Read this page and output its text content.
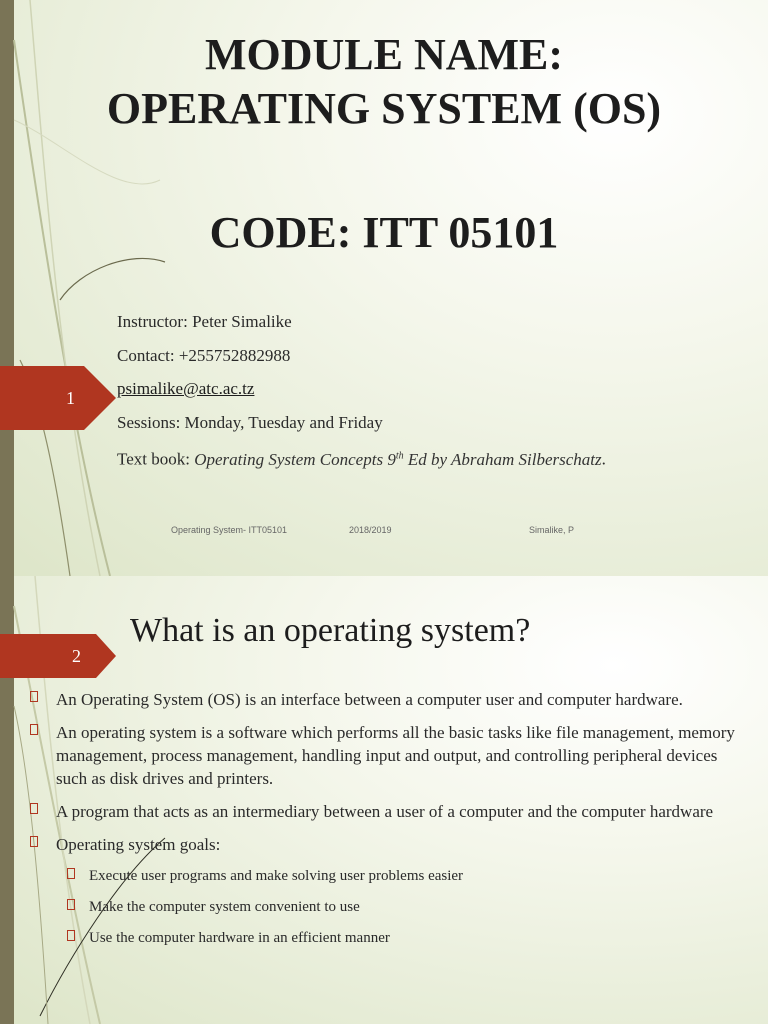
1
MODULE NAME:
OPERATING SYSTEM (OS)
CODE: ITT 05101
Instructor: Peter Simalike
Contact: +255752882988
psimalike@atc.ac.tz
Sessions: Monday, Tuesday and Friday
Text book: Operating System Concepts 9th Ed by Abraham Silberschatz.
Operating System- ITT05101	2018/2019	Simalike, P
2
What is an operating system?
An Operating System (OS) is an interface between a computer user and computer hardware.
An operating system is a software which performs all the basic tasks like file management, memory management, process management, handling input and output, and controlling peripheral devices such as disk drives and printers.
A program that acts as an intermediary between a user of a computer and the computer hardware
Operating system goals:
Execute user programs and make solving user problems easier
Make the computer system convenient to use
Use the computer hardware in an efficient manner
